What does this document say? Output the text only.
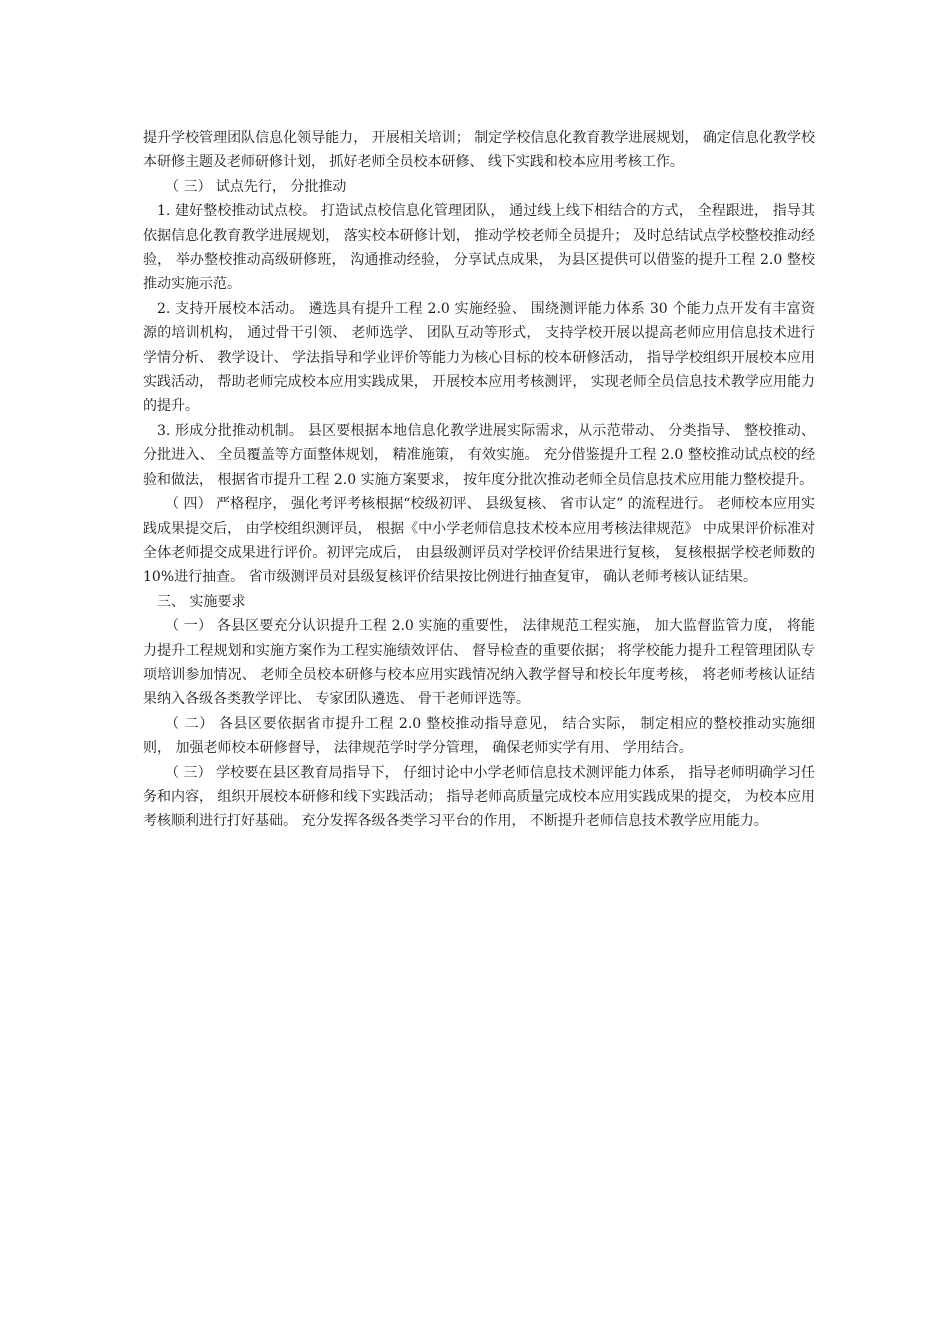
提升学校管理团队信息化领导能力， 开展相关培训； 制定学校信息化教育教学进展规划， 确定信息化教学校本研修主题及老师研修计划， 抓好老师全员校本研修、 线下实践和校本应用考核工作。

（ 三） 试点先行， 分批推动

1. 建好整校推动试点校。 打造试点校信息化管理团队， 通过线上线下相结合的方式， 全程跟进， 指导其依据信息化教育教学进展规划， 落实校本研修计划， 推动学校老师全员提升； 及时总结试点学校整校推动经验， 举办整校推动高级研修班， 沟通推动经验， 分享试点成果， 为县区提供可以借鉴的提升工程 2.0 整校推动实施示范。

2. 支持开展校本活动。 遴选具有提升工程 2.0 实施经验、 围绕测评能力体系 30 个能力点开发有丰富资源的培训机构， 通过骨干引领、 老师选学、 团队互动等形式， 支持学校开展以提高老师应用信息技术进行学情分析、 教学设计、 学法指导和学业评价等能力为核心目标的校本研修活动， 指导学校组织开展校本应用实践活动， 帮助老师完成校本应用实践成果， 开展校本应用考核测评， 实现老师全员信息技术教学应用能力的提升。

3. 形成分批推动机制。 县区要根据本地信息化教学进展实际需求，从示范带动、 分类指导、 整校推动、 分批进入、 全员覆盖等方面整体规划， 精准施策， 有效实施。 充分借鉴提升工程 2.0 整校推动试点校的经验和做法， 根据省市提升工程 2.0 实施方案要求， 按年度分批次推动老师全员信息技术应用能力整校提升。

（ 四） 严格程序， 强化考评考核根据“校级初评、 县级复核、 省市认定” 的流程进行。 老师校本应用实践成果提交后， 由学校组织测评员， 根据《中小学老师信息技术校本应用考核法律规范》 中成果评价标准对全体老师提交成果进行评价。初评完成后， 由县级测评员对学校评价结果进行复核， 复核根据学校老师数的 10%进行抽查。 省市级测评员对县级复核评价结果按比例进行抽查复审， 确认老师考核认证结果。

三、 实施要求

（ 一） 各县区要充分认识提升工程 2.0 实施的重要性， 法律规范工程实施， 加大监督监管力度， 将能力提升工程规划和实施方案作为工程实施绩效评估、 督导检查的重要依据； 将学校能力提升工程管理团队专项培训参加情况、 老师全员校本研修与校本应用实践情况纳入教学督导和校长年度考核， 将老师考核认证结果纳入各级各类教学评比、 专家团队遴选、 骨干老师评选等。

（ 二） 各县区要依据省市提升工程 2.0 整校推动指导意见， 结合实际， 制定相应的整校推动实施细则， 加强老师校本研修督导， 法律规范学时学分管理， 确保老师实学有用、 学用结合。

（ 三） 学校要在县区教育局指导下， 仔细讨论中小学老师信息技术测评能力体系， 指导老师明确学习任务和内容， 组织开展校本研修和线下实践活动； 指导老师高质量完成校本应用实践成果的提交， 为校本应用考核顺利进行打好基础。 充分发挥各级各类学习平台的作用， 不断提升老师信息技术教学应用能力。
